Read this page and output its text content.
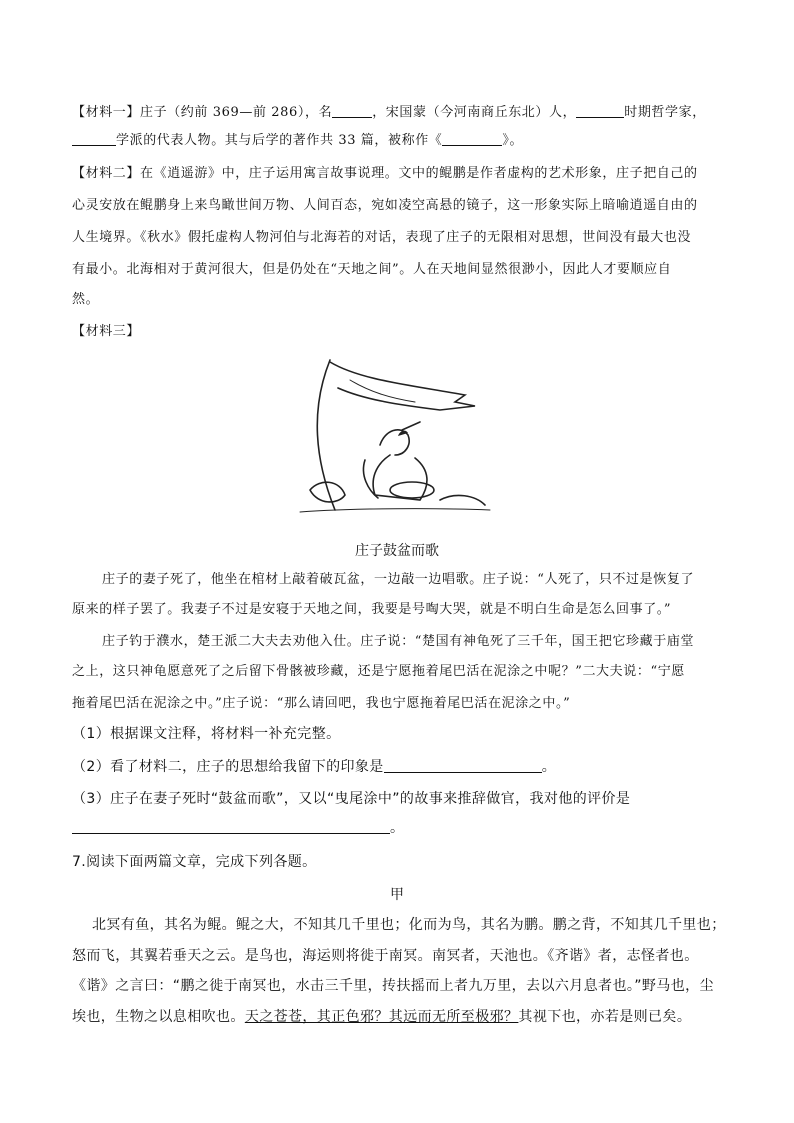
【材料一】庄子（约前 369—前 286），名	，宋国蒙（今河南商丘东北）人，	时期哲学家，
学派的代表人物。其与后学的著作共 33 篇，被称作《	》。
【材料二】在《逍遥游》中，庄子运用寓言故事说理。文中的鲲鹏是作者虚构的艺术形象，庄子把自己的
心灵安放在鲲鹏身上来鸟瞰世间万物、人间百态，宛如凌空高悬的镜子，这一形象实际上暗喻逍遥自由的
人生境界。《秋水》假托虚构人物河伯与北海若的对话，表现了庄子的无限相对思想，世间没有最大也没
有最小。北海相对于黄河很大，但是仍处在“天地之间”。人在天地间显然很渺小，因此人才要顺应自
然。
【材料三】
庄子鼓盆而歌
庄子的妻子死了，他坐在棺材上敲着破瓦盆，一边敲一边唱歌。庄子说：“人死了，只不过是恢复了
原来的样子罢了。我妻子不过是安寝于天地之间，我要是号啕大哭，就是不明白生命是怎么回事了。”
庄子钓于濮水，楚王派二大夫去劝他入仕。庄子说：“楚国有神龟死了三千年，国王把它珍藏于庙堂
之上，这只神龟愿意死了之后留下骨骸被珍藏，还是宁愿拖着尾巴活在泥涂之中呢？”二大夫说：“宁愿
拖着尾巴活在泥涂之中。”庄子说：“那么请回吧，我也宁愿拖着尾巴活在泥涂之中。”
（1）根据课文注释，将材料一补充完整。
（2）看了材料二，庄子的思想给我留下的印象是	。
（3）庄子在妻子死时“鼓盆而歌”，又以“曳尾涂中”的故事来推辞做官，我对他的评价是
。
7.阅读下面两篇文章，完成下列各题。
甲
北冥有鱼，其名为鲲。鲲之大，不知其几千里也；化而为鸟，其名为鹏。鹏之背，不知其几千里也；
怒而飞，其翼若垂天之云。是鸟也，海运则将徙于南冥。南冥者，天池也。《齐谐》者，志怪者也。
《谐》之言曰：“鹏之徙于南冥也，水击三千里，抟扶摇而上者九万里，去以六月息者也。”野马也，尘
埃也，生物之以息相吹也。天之苍苍，其正色邪？其远而无所至极邪？其视下也，亦若是则已矣。
